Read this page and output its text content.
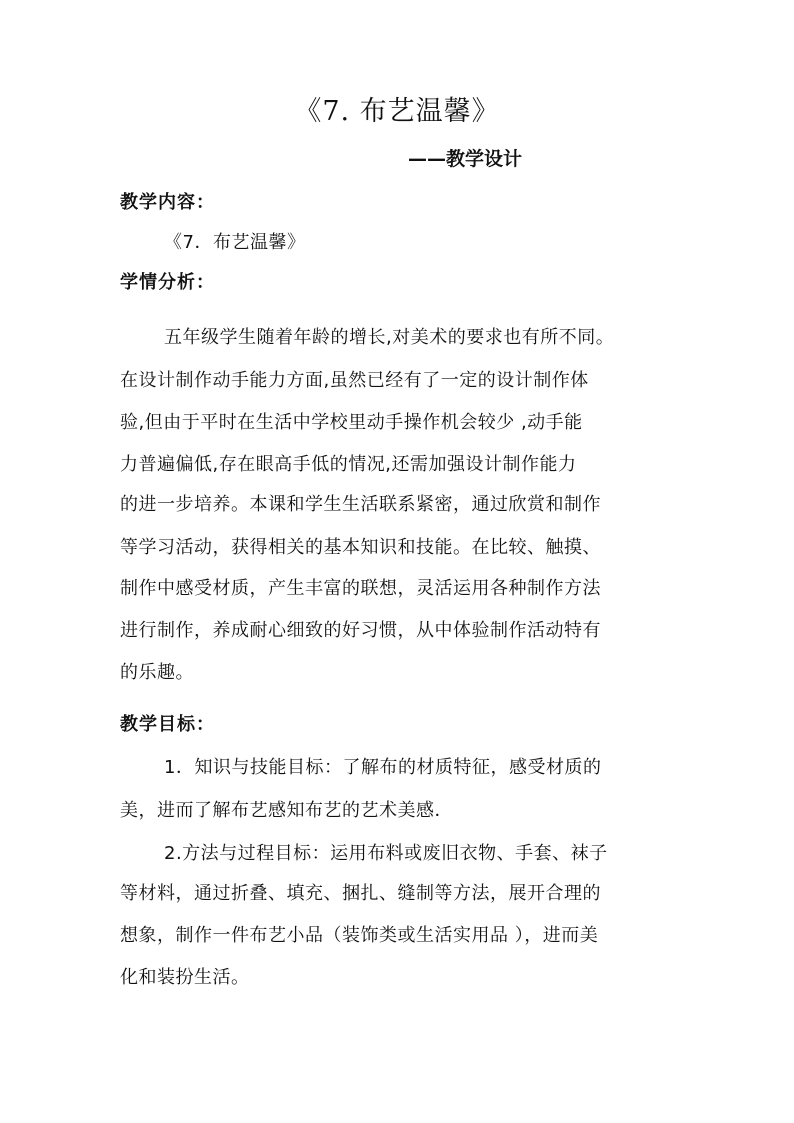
《7. 布艺温馨》
——教学设计
教学内容：
《7．布艺温馨》
学情分析：
五年级学生随着年龄的增长,对美术的要求也有所不同。
在设计制作动手能力方面,虽然已经有了一定的设计制作体
验,但由于平时在生活中学校里动手操作机会较少 ,动手能
力普遍偏低,存在眼高手低的情况,还需加强设计制作能力
的进一步培养。本课和学生生活联系紧密，通过欣赏和制作
等学习活动，获得相关的基本知识和技能。在比较、触摸、
制作中感受材质，产生丰富的联想，灵活运用各种制作方法
进行制作，养成耐心细致的好习惯，从中体验制作活动特有
的乐趣。
教学目标：
1．知识与技能目标：了解布的材质特征，感受材质的
美，进而了解布艺感知布艺的艺术美感．
2.方法与过程目标：运用布料或废旧衣物、手套、袜子
等材料，通过折叠、填充、捆扎、缝制等方法，展开合理的
想象，制作一件布艺小品（装饰类或生活实用品 ），进而美
化和装扮生活。
